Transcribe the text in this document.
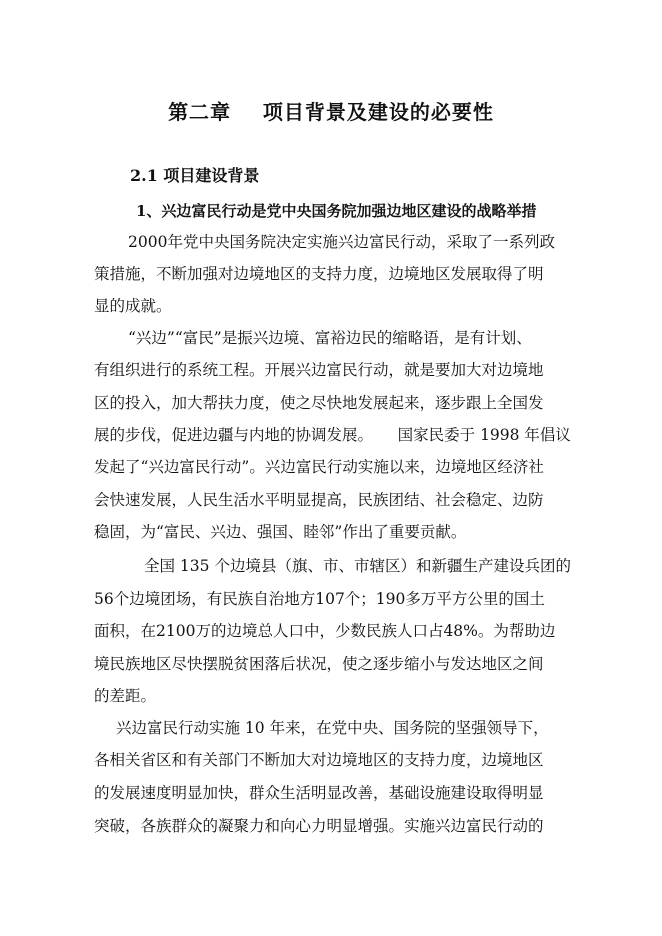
第二章    项目背景及建设的必要性
2.1 项目建设背景
1、兴边富民行动是党中央国务院加强边地区建设的战略举措
2000年党中央国务院决定实施兴边富民行动，采取了一系列政
策措施，不断加强对边境地区的支持力度，边境地区发展取得了明
显的成就。
“兴边”“富民”是振兴边境、富裕边民的缩略语，是有计划、
有组织进行的系统工程。开展兴边富民行动，就是要加大对边境地
区的投入，加大帮扶力度，使之尽快地发展起来，逐步跟上全国发
展的步伐，促进边疆与内地的协调发展。     国家民委于 1998 年倡议
发起了“兴边富民行动”。兴边富民行动实施以来，边境地区经济社
会快速发展，人民生活水平明显提高，民族团结、社会稳定、边防
稳固，为“富民、兴边、强国、睦邻”作出了重要贡献。
全国 135 个边境县（旗、市、市辖区）和新疆生产建设兵团的
56个边境团场，有民族自治地方107个；190多万平方公里的国土
面积，在2100万的边境总人口中，少数民族人口占48%。为帮助边
境民族地区尽快摆脱贫困落后状况，使之逐步缩小与发达地区之间
的差距。
兴边富民行动实施 10 年来，在党中央、国务院的坚强领导下，
各相关省区和有关部门不断加大对边境地区的支持力度，边境地区
的发展速度明显加快，群众生活明显改善，基础设施建设取得明显
突破，各族群众的凝聚力和向心力明显增强。实施兴边富民行动的
